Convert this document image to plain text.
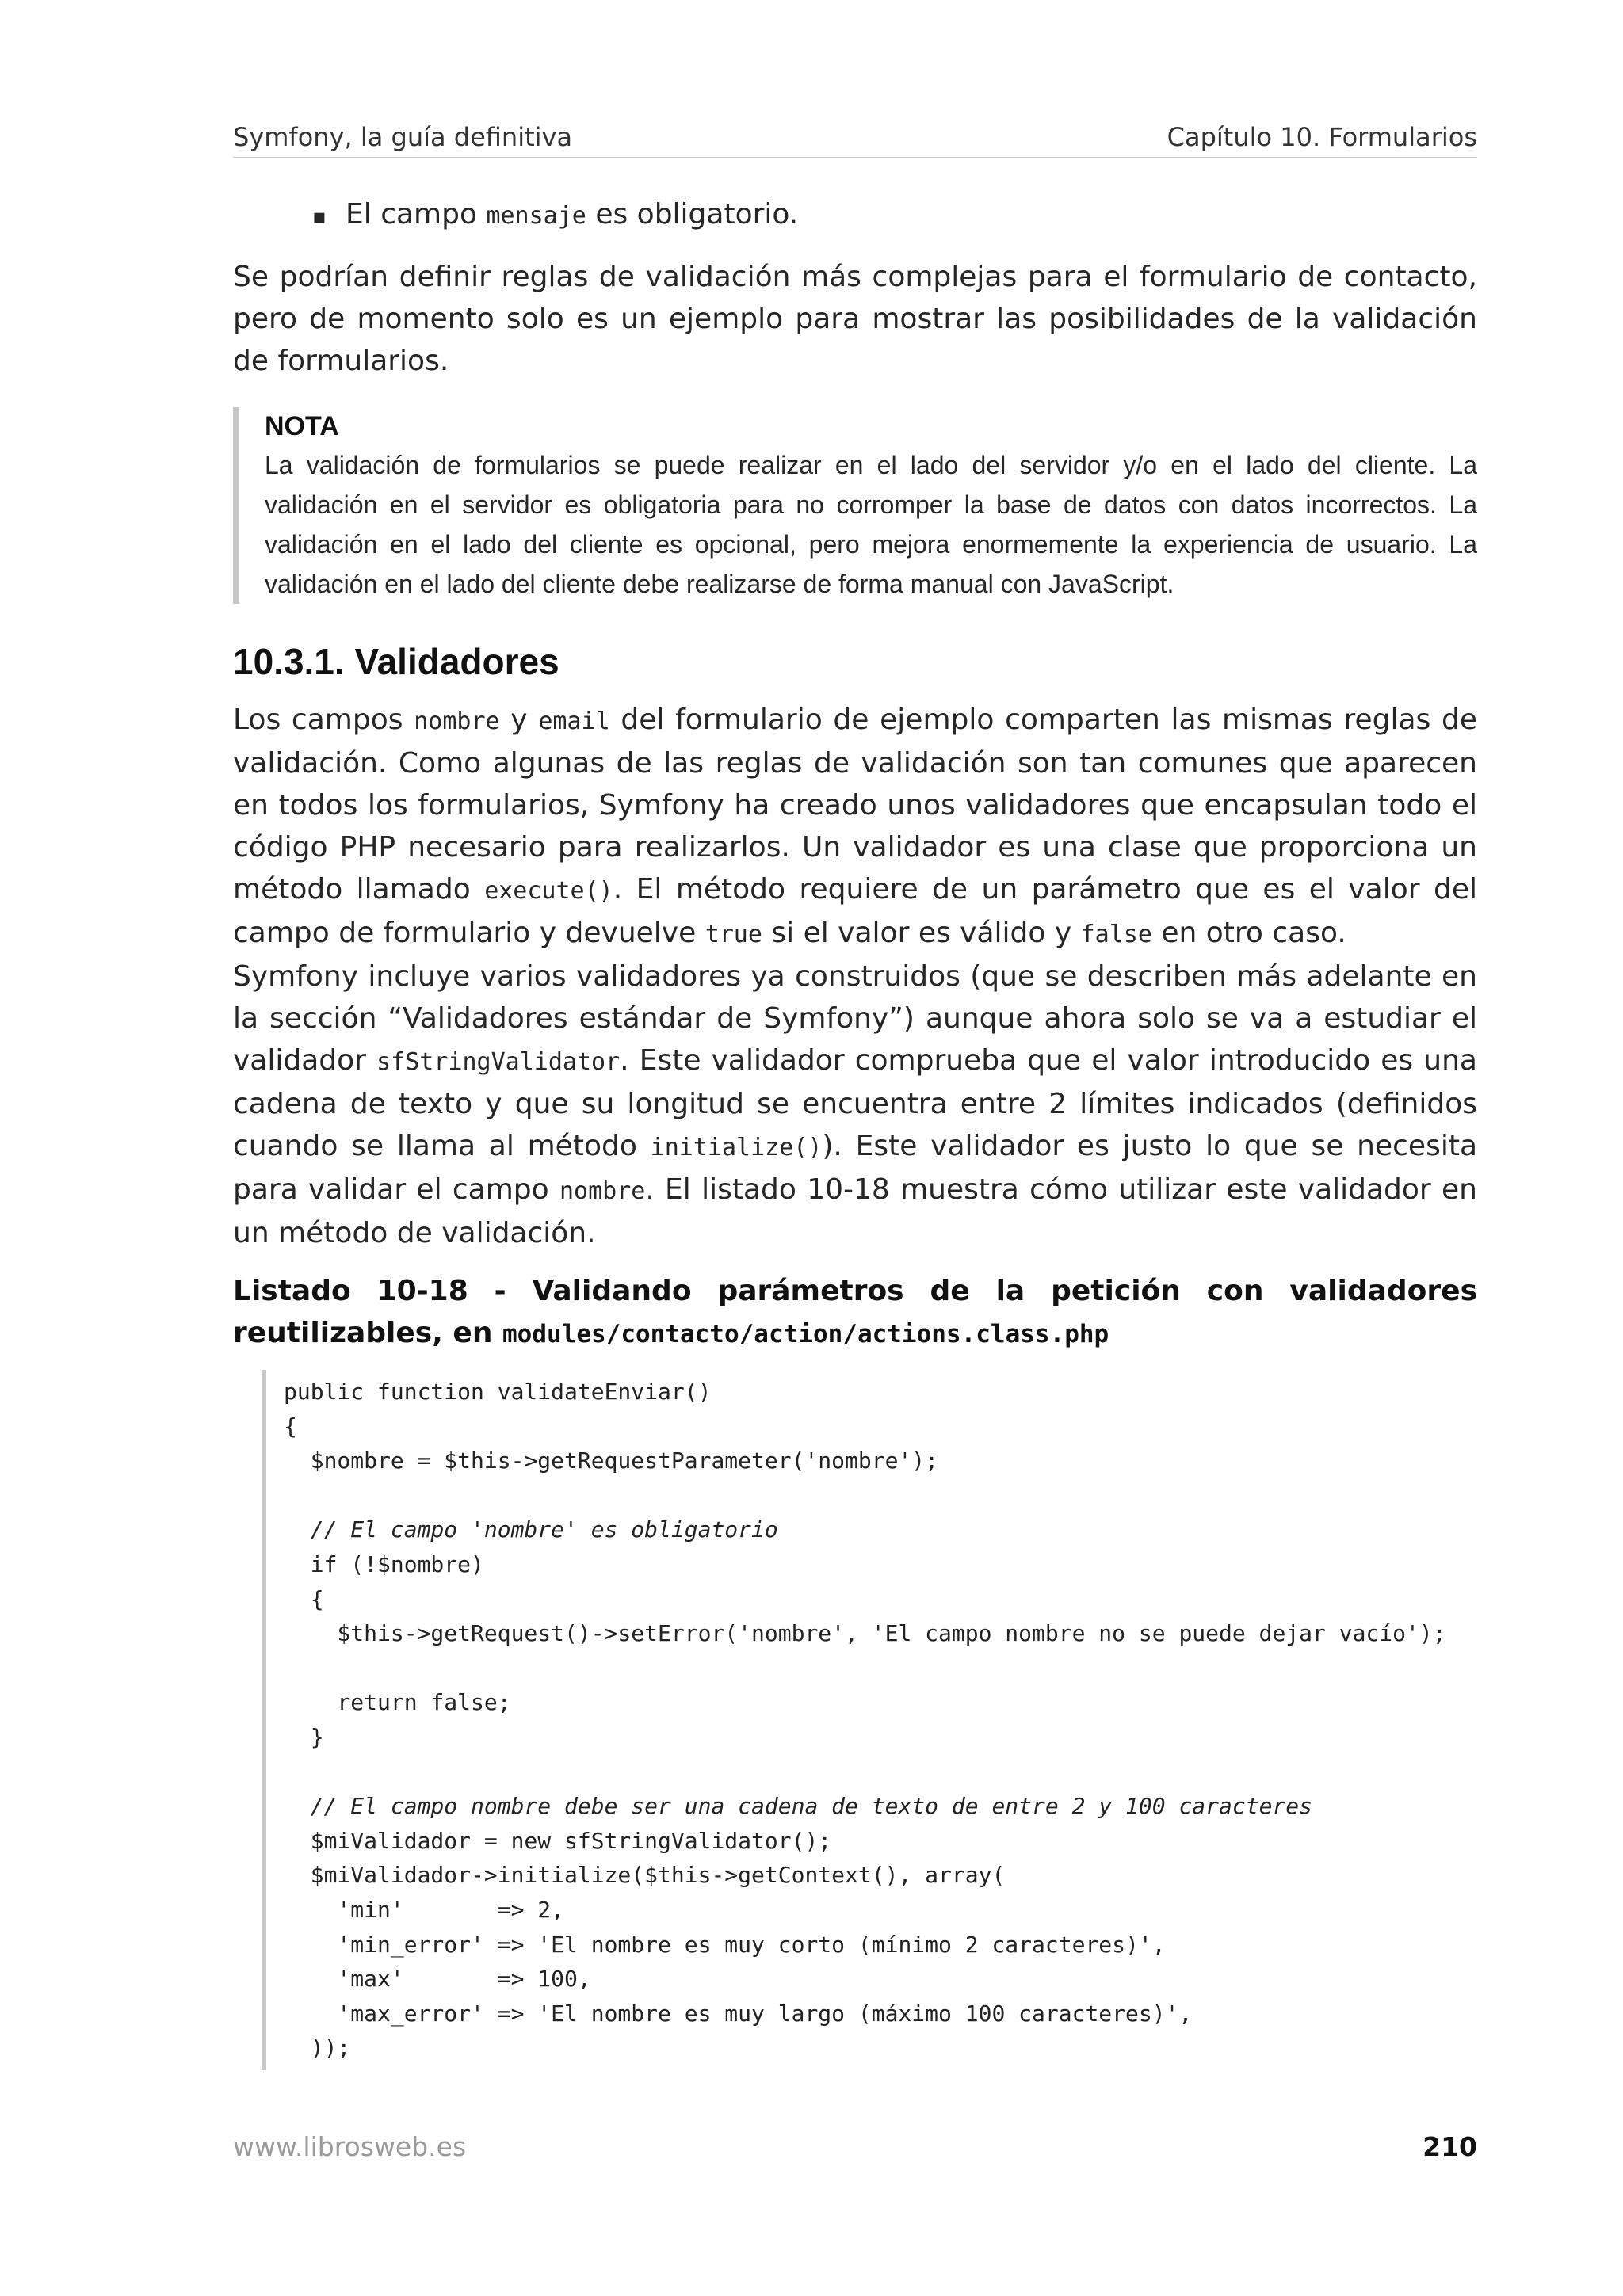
Symfony, la guía definitiva	Capítulo 10. Formularios
▪ El campo mensaje es obligatorio.

Se podrían definir reglas de validación más complejas para el formulario de contacto, pero de momento solo es un ejemplo para mostrar las posibilidades de la validación de formularios.

NOTA
La validación de formularios se puede realizar en el lado del servidor y/o en el lado del cliente. La validación en el servidor es obligatoria para no corromper la base de datos con datos incorrectos. La validación en el lado del cliente es opcional, pero mejora enormemente la experiencia de usuario. La validación en el lado del cliente debe realizarse de forma manual con JavaScript.
10.3.1. Validadores

Los campos nombre y email del formulario de ejemplo comparten las mismas reglas de validación. Como algunas de las reglas de validación son tan comunes que aparecen en todos los formularios, Symfony ha creado unos validadores que encapsulan todo el código PHP necesario para realizarlos. Un validador es una clase que proporciona un método llamado execute(). El método requiere de un parámetro que es el valor del campo de formulario y devuelve true si el valor es válido y false en otro caso.

Symfony incluye varios validadores ya construidos (que se describen más adelante en la sección “Validadores estándar de Symfony”) aunque ahora solo se va a estudiar el validador sfStringValidator. Este validador comprueba que el valor introducido es una cadena de texto y que su longitud se encuentra entre 2 límites indicados (definidos cuando se llama al método initialize()). Este validador es justo lo que se necesita para validar el campo nombre. El listado 10-18 muestra cómo utilizar este validador en un método de validación.

Listado 10-18 - Validando parámetros de la petición con validadores reutilizables, en modules/contacto/action/actions.class.php
public function validateEnviar()
{
$nombre = $this->getRequestParameter('nombre');
// El campo 'nombre' es obligatorio
if (!$nombre)
{
$this->getRequest()->setError('nombre', 'El campo nombre no se puede dejar vacío');
return false;
}
// El campo nombre debe ser una cadena de texto de entre 2 y 100 caracteres
$miValidador = new sfStringValidator();
$miValidador->initialize($this->getContext(), array(
'min'       => 2,
'min_error' => 'El nombre es muy corto (mínimo 2 caracteres)',
'max'       => 100,
'max_error' => 'El nombre es muy largo (máximo 100 caracteres)',
));
www.librosweb.es	210
